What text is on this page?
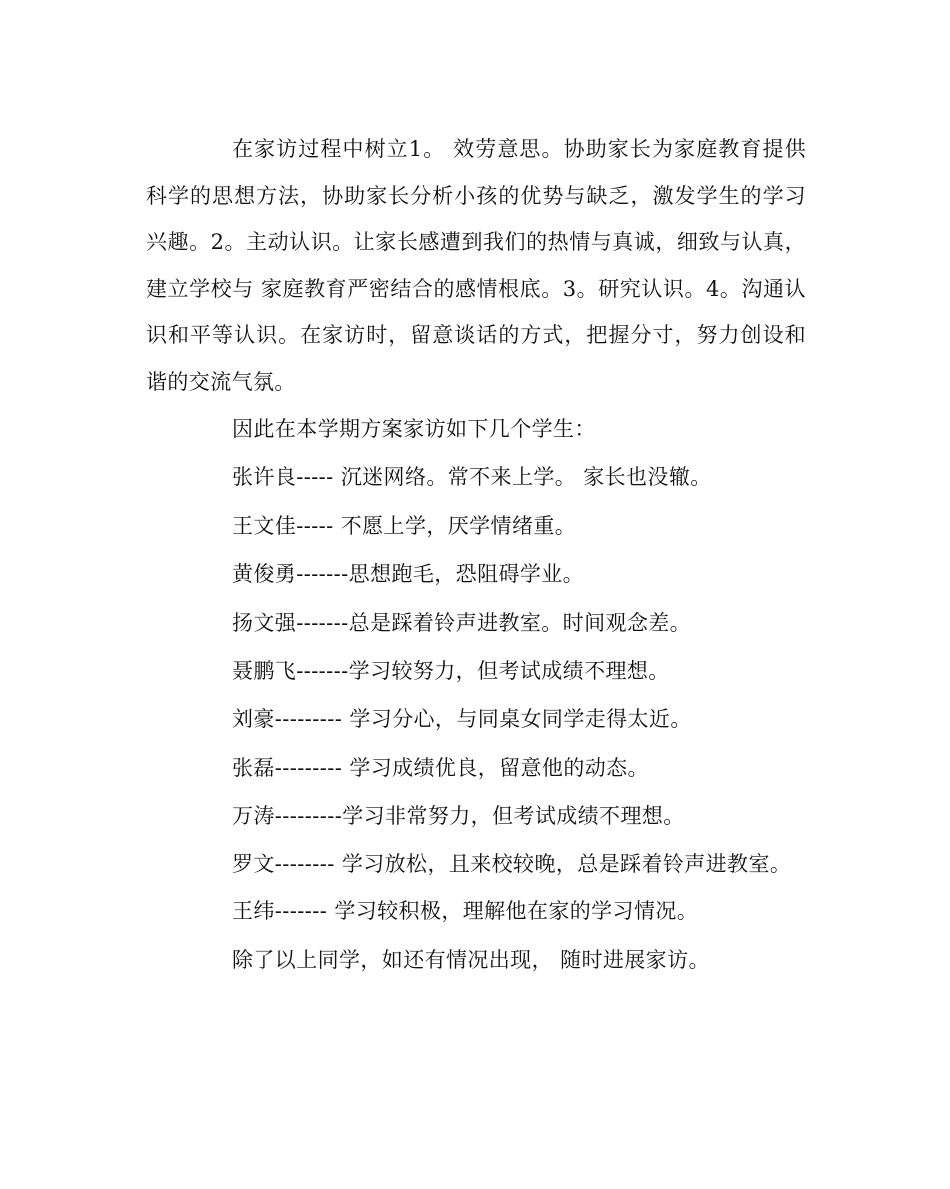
在家访过程中树立1。 效劳意思。协助家长为家庭教育提供科学的思想方法，协助家长分析小孩的优势与缺乏，激发学生的学习兴趣。2。主动认识。让家长感遭到我们的热情与真诚，细致与认真，建立学校与 家庭教育严密结合的感情根底。3。研究认识。4。沟通认识和平等认识。在家访时，留意谈话的方式，把握分寸，努力创设和谐的交流气氛。

因此在本学期方案家访如下几个学生：

张许良----- 沉迷网络。常不来上学。 家长也没辙。

王文佳----- 不愿上学，厌学情绪重。

黄俊勇-------思想跑毛，恐阻碍学业。

扬文强-------总是踩着铃声进教室。时间观念差。

聂鹏飞-------学习较努力，但考试成绩不理想。

刘豪--------- 学习分心，与同桌女同学走得太近。

张磊--------- 学习成绩优良，留意他的动态。

万涛---------学习非常努力，但考试成绩不理想。

罗文-------- 学习放松，且来校较晚，总是踩着铃声进教室。

王纬------- 学习较积极，理解他在家的学习情况。

除了以上同学，如还有情况出现， 随时进展家访。
